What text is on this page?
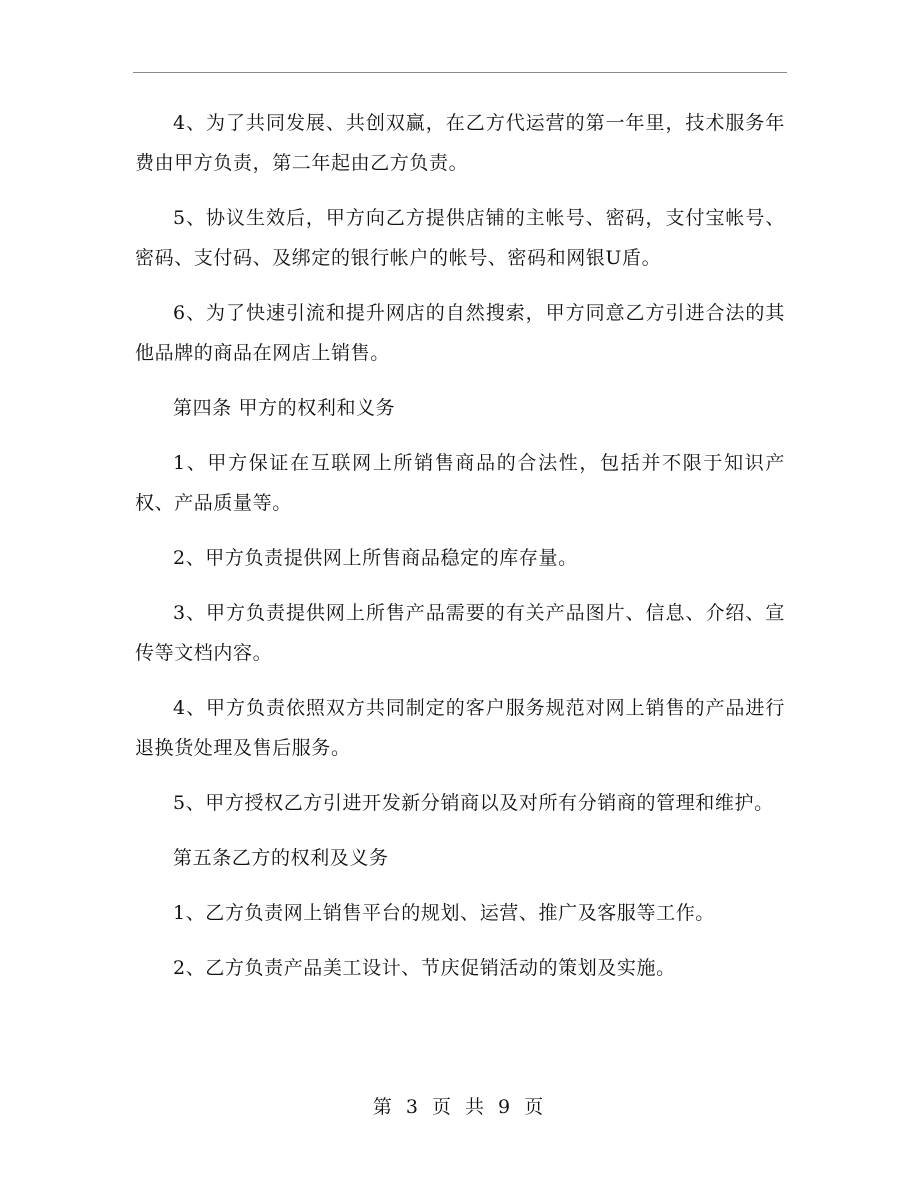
4、为了共同发展、共创双赢，在乙方代运营的第一年里，技术服务年费由甲方负责，第二年起由乙方负责。

5、协议生效后，甲方向乙方提供店铺的主帐号、密码，支付宝帐号、密码、支付码、及绑定的银行帐户的帐号、密码和网银U盾。

6、为了快速引流和提升网店的自然搜索，甲方同意乙方引进合法的其他品牌的商品在网店上销售。

第四条 甲方的权利和义务

1、甲方保证在互联网上所销售商品的合法性，包括并不限于知识产权、产品质量等。

2、甲方负责提供网上所售商品稳定的库存量。

3、甲方负责提供网上所售产品需要的有关产品图片、信息、介绍、宣传等文档内容。

4、甲方负责依照双方共同制定的客户服务规范对网上销售的产品进行退换货处理及售后服务。

5、甲方授权乙方引进开发新分销商以及对所有分销商的管理和维护。

第五条乙方的权利及义务

1、乙方负责网上销售平台的规划、运营、推广及客服等工作。

2、乙方负责产品美工设计、节庆促销活动的策划及实施。

第 3 页 共 9 页
